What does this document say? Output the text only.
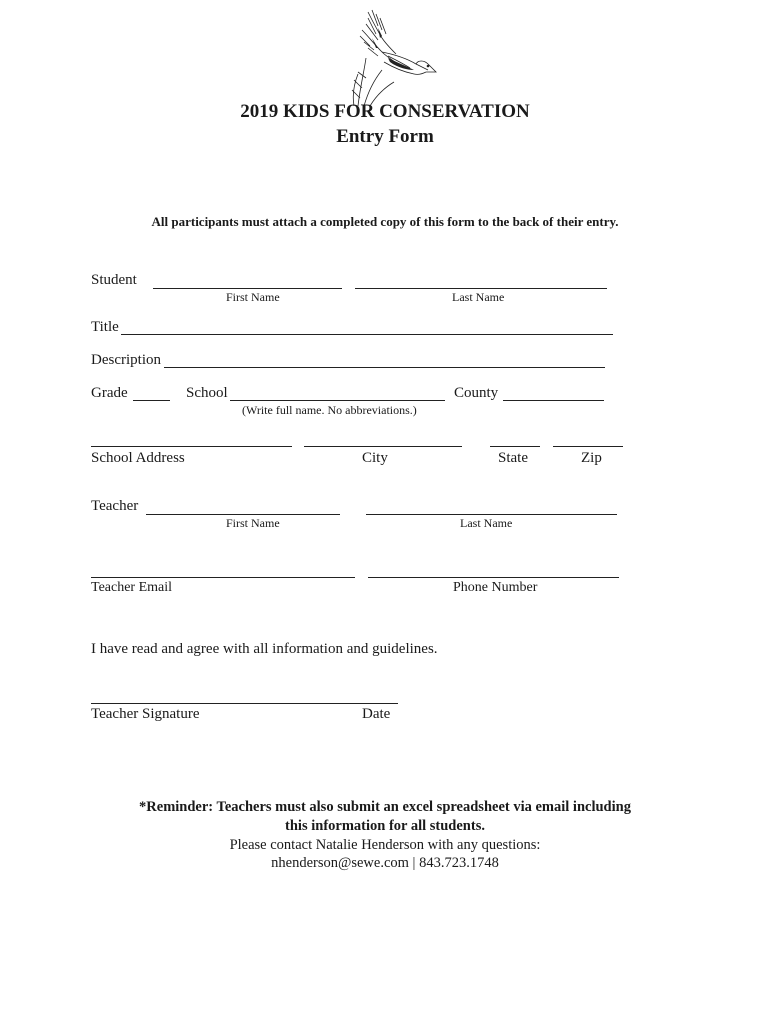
2019 KIDS FOR CONSERVATION
Entry Form
All participants must attach a completed copy of this form to the back of their entry.
Student
First Name	Last Name
Title
Description
Grade	School	County
(Write full name. No abbreviations.)
School Address	City	State	Zip
Teacher
First Name	Last Name
Teacher Email	Phone Number
I have read and agree with all information and guidelines.
Teacher Signature	Date
*Reminder: Teachers must also submit an excel spreadsheet via email including
this information for all students.
Please contact Natalie Henderson with any questions:
nhenderson@sewe.com | 843.723.1748
